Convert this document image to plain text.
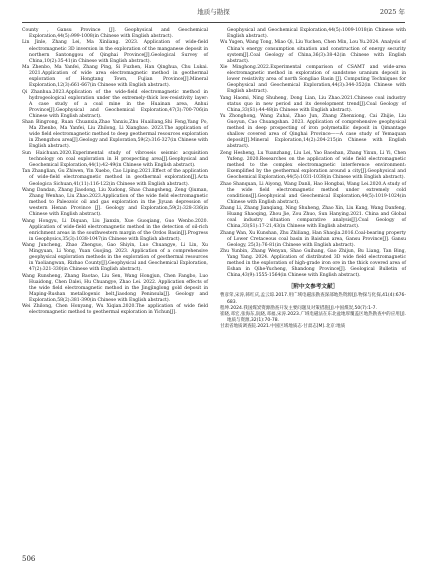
地质与勘探	2025 年

County , Gansu Province [J]. Geophysical and Geochemical Exploration,44(5):999-1008(in Chinese with English abstract).

Lin Jinle, Zhang Lei, Ma Xinliang. 2023. Application of wide-field electromagnetic 3D inversion in the exploration of the manganese deposit in northern Santonggou of Qinghai Province[J].Geological Survey of China,10(2):35-41(in Chinese with English abstract).

Ma Zhenbo, Ma Yanfei, Zhang Ping, Si Fuzhen, Han Qinghua, Chu Lukai. 2021.Application of wide area electromagnetic method in geothermal exploration of Hongtang Town, Fujian Province[J].Mineral Exploration,12(3):661-667(in Chinese with English abstract).

Qi Zhanhua.2023.Application of the wide-field electromagnetic method in hydrogeological exploration under the extremely-thick low-resistivity layer: A case study of a coal mine in the Huainan area, Anhui Province[J].Geophysical and Geochemical Exploration,47(3):700-706(in Chinese with English abstract).

Shan Bingrong, Ruan Chuanxia,Zhao Yanxiu,Zhu Huailiang,Shi Feng,Yang Po, Ma Zhenbo, Ma Yanfei, Liu Zhilong, Li Xiangbao. 2023.The application of wide field electromagnetic method to deep geothermal resources exploration in Zhengzhou area[J].Geology and Exploration,59(2):316-327(in Chinese with English abstract).

Sun Haichuan.2020.Experimental study of vibroseis seismic acquisition technology on coal exploration in H prospecting area[J].Geophysical and Geochemical Exploration,44(1):42-49(in Chinese with English abstract).

Tan Zhanglian, Gu Zhiwen, Yin Xuebo, Cao Liping.2021.Effect of the application of wide-field electromagnetic method in geothermal exploration[J].Acta Geologica Sichuan,41(11):116-122(in Chinese with English abstract).

Wang Dandan, Zhang Jiaodong, Liu Xudong, Shao Changsheng, Zeng Qiuman, Zhang Wenhao, Liu Zhao.2023.Application of the wide field electromagnetic method to Paleozoic oil and gas exploration in the Jiyuan depression of western Henan Province [J]. Geology and Exploration,59(2):328-336(in Chinese with English abstract).

Wang Hongyu, Li Diquan, Liu Jianxin, Xue Guoqiang, Guo Wenbo.2020. Application of wide-field electromagnetic method in the detection of oil-rich enrichment areas in the southwestern margin of the Ordos Basin[J].Progress in Geophysics,35(3):1038-1047(in Chinese with English abstract).

Wang Juncheng, Zhao Zhenguo, Gao Shiyin, Luo Chuangye, Li Lin, Xu Mingyuan, Li Yong, Yuan Guojing. 2023. Application of a comprehensive geophysical exploration methods in the exploration of geothermal resources in Yaoliangwan, Rizhao County[J].Geophysical and Geochemical Exploration, 47(2):321-330(in Chinese with English abstract).

Wang Runsheng, Zhang Baotao, Liu Sen, Wang Hongjun, Chen Fangbo, Luo Huaidong, Chen Dalei, Hu Chuangye, Zhao Lei. 2022. Application effects of the wide field electromagnetic method in the Jingjinglong gold deposit in Maping-Rushan metallogenic belt,Jiaodong Peninsula[J]. Geology and Exploration,58(2):381-390(in Chinese with English abstract).

Wei Zhilong, Chen Honyang, Wu Xiqian.2020.The application of wide field electromagnetic method to geothermal exploration in Yichun[J].

Geophysical and Geochemical Exploration,44(5):1009-1018(in Chinese with English abstract).

Wu Yugen, Wang Tong, Miao Qi, Liu Yuchen, Chen Min, Lou Yu.2024. Analysis of China's energy consumption situation and construction of energy security system[J].Coal Geology of China,36(3):38-42(in Chinese with English abstract).

Xie Minghong.2022.Experimental comparison of CSAMT and wide-area electromagnetic method in exploration of sandstone uranium deposit in lower resistivity area of north Songliao Basin [J]. Computing Techniques for Geophysical and Geochemical Exploration,44(3):344-352(in Chinese with English abstract).

Yang Haomi, Ning Shuheng, Dong Lian, Liu Zhao.2021.Chinese coal industry status quo in new period and its development trend[J].Coal Geology of China,33(S1):44-48(in Chinese with English abstract).

Yu Zhonghong, Wang Zuhai, Zhao Jun, Zhang Zhenxiong, Cai Zhijie, Liu Guoyun, Cao Chuangshan. 2023. Application of comprehensive geophysical method in deep prospecting of iron polymetallic deposit in Qimantage shallow covered area of Qinghai Province——A case study of Yemaquan deposit[J].Mineral Exploration,14(2):204-215(in Chinese with English abstract).

Zeng Hesheng, Lu Yuanzhang, Liu Lei, Yao Baoshan, Zhang Yixun, Li Yi, Chen Yufeng. 2020.Researches on the application of wide field electromagnetic method to the complex electromagnetic interference environment: Exemplified by the geothermal exploration around a city[J].Geophysical and Geochemical Exploration,44(5):1031-1038(in Chinese with English abstract).

Zhao Shanquan, Li Aiyong, Wang Danli, Hao Hongbai, Wang Lei.2020.A study of the wide field electromagnetic method under extremely cold conditions[J].Geophysical and Geochemical Exploration,44(5):1019-1024(in Chinese with English abstract).

Zhang Li, Zhang Jianqiang, Ning Shuheng, Zhao Xin, Liu Kang, Wang Danfeng, Huang Shaoqing, Zhou Jie, Zou Zhuo, Sun Hanying.2021. China and Global coal industry situation comparative analysis[J].Coal Geology of China,33(S1):17-21,43(in Chinese with English abstract).

Zhang Wan, Xu Kunshan, Zhu Zhiliang, Han Shaojia.2016.Coal-bearing property of Lower Cretaceous coal basin in Baishan area, Gansu Province[J]. Gansu Geology, 25(3):76-81(in Chinese with English abstract).

Zhu Yunbin, Zhang Wenyan, Shao Guihang, Gao Zhijun, Bu Liang, Tan Bing, Yang Yang. 2024. Application of distributed 3D wide field electromagnetic method in the exploration of high-grade iron ore in the thick covered area of Eshan in Qihe-Yucheng, Shandong Province[J]. Geological Bulletin of China,43(9):1555-1564(in Chinese with English abstract).

［附中文参考文献］

曹彦荣,宋涛,韩红庆,孟云琼.2017.用广域电磁法勘查深部地热资源[J].物探与化探,41(4):676-683.

程坤.2024.我国煤炭资源勘查开发主要问题及对策措施[J].中国煤炭,50(7):1-7.

崔晓,邓宏,张海东,阮晓,邓福,宋涛.2023.广域电磁法在东北盆地厚覆盖区地热勘查中的应用[J].地质与资源,32(1):70-78.

甘肃省地质调查院.2021.中国区域地质志·甘肃志[M].北京:地质

506
